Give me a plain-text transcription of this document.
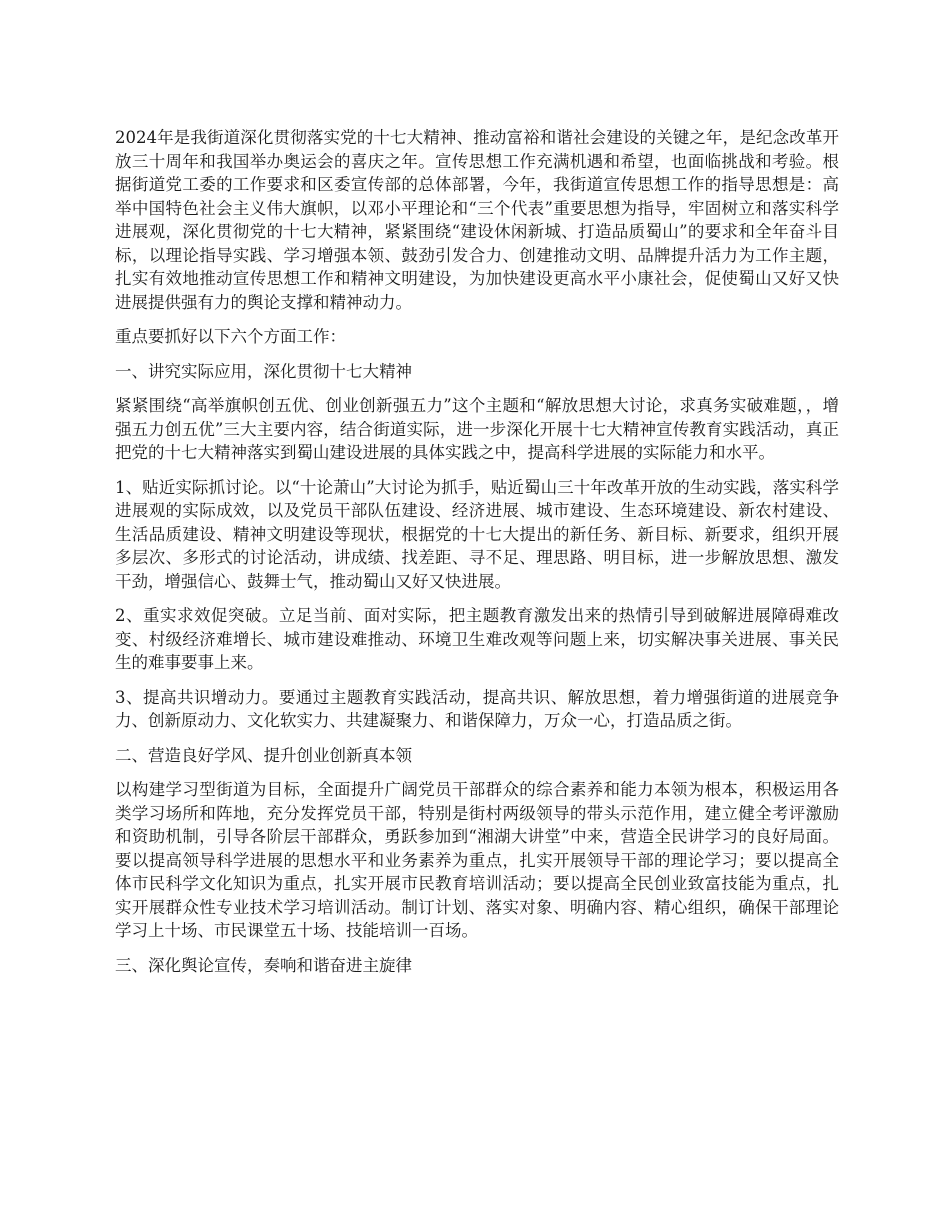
2024年是我街道深化贯彻落实党的十七大精神、推动富裕和谐社会建设的关键之年，是纪念改革开放三十周年和我国举办奥运会的喜庆之年。宣传思想工作充满机遇和希望，也面临挑战和考验。根据街道党工委的工作要求和区委宣传部的总体部署，今年，我街道宣传思想工作的指导思想是：高举中国特色社会主义伟大旗帜，以邓小平理论和“三个代表”重要思想为指导，牢固树立和落实科学进展观，深化贯彻党的十七大精神，紧紧围绕“建设休闲新城、打造品质蜀山”的要求和全年奋斗目标，以理论指导实践、学习增强本领、鼓劲引发合力、创建推动文明、品牌提升活力为工作主题，扎实有效地推动宣传思想工作和精神文明建设，为加快建设更高水平小康社会，促使蜀山又好又快进展提供强有力的舆论支撑和精神动力。

重点要抓好以下六个方面工作：

一、讲究实际应用，深化贯彻十七大精神

紧紧围绕“高举旗帜创五优、创业创新强五力”这个主题和“解放思想大讨论，求真务实破难题，，增强五力创五优”三大主要内容，结合街道实际，进一步深化开展十七大精神宣传教育实践活动，真正把党的十七大精神落实到蜀山建设进展的具体实践之中，提高科学进展的实际能力和水平。

1、贴近实际抓讨论。以“十论萧山”大讨论为抓手，贴近蜀山三十年改革开放的生动实践，落实科学进展观的实际成效，以及党员干部队伍建设、经济进展、城市建设、生态环境建设、新农村建设、生活品质建设、精神文明建设等现状，根据党的十七大提出的新任务、新目标、新要求，组织开展多层次、多形式的讨论活动，讲成绩、找差距、寻不足、理思路、明目标，进一步解放思想、激发干劲，增强信心、鼓舞士气，推动蜀山又好又快进展。

2、重实求效促突破。立足当前、面对实际，把主题教育激发出来的热情引导到破解进展障碍难改变、村级经济难增长、城市建设难推动、环境卫生难改观等问题上来，切实解决事关进展、事关民生的难事要事上来。

3、提高共识增动力。要通过主题教育实践活动，提高共识、解放思想，着力增强街道的进展竞争力、创新原动力、文化软实力、共建凝聚力、和谐保障力，万众一心，打造品质之街。

二、营造良好学风、提升创业创新真本领

以构建学习型街道为目标，全面提升广阔党员干部群众的综合素养和能力本领为根本，积极运用各类学习场所和阵地，充分发挥党员干部，特别是街村两级领导的带头示范作用，建立健全考评激励和资助机制，引导各阶层干部群众，勇跃参加到“湘湖大讲堂”中来，营造全民讲学习的良好局面。要以提高领导科学进展的思想水平和业务素养为重点，扎实开展领导干部的理论学习；要以提高全体市民科学文化知识为重点，扎实开展市民教育培训活动；要以提高全民创业致富技能为重点，扎实开展群众性专业技术学习培训活动。制订计划、落实对象、明确内容、精心组织，确保干部理论学习上十场、市民课堂五十场、技能培训一百场。

三、深化舆论宣传，奏响和谐奋进主旋律
